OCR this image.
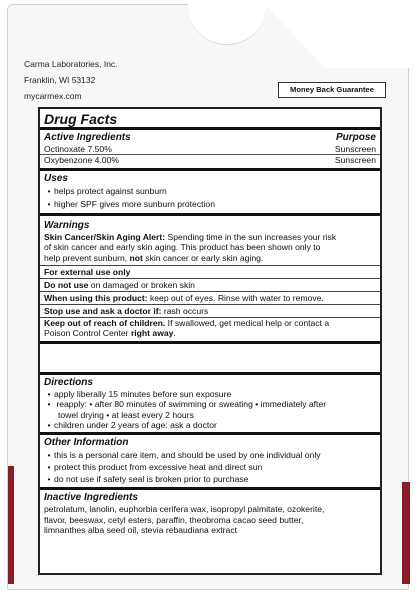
Carma Laboratories, Inc.
Franklin, WI 53132
mycarmex.com
Money Back Guarantee
Drug Facts
Active Ingredients	Purpose
Octinoxate 7.50%	Sunscreen
Oxybenzone 4.00%	Sunscreen
Uses
• helps protect against sunburn
• higher SPF gives more sunburn protection
Warnings
Skin Cancer/Skin Aging Alert: Spending time in the sun increases your risk
of skin cancer and early skin aging. This product has been shown only to
help prevent sunburn, not skin cancer or early skin aging.
For external use only
Do not use on damaged or broken skin
When using this product: keep out of eyes. Rinse with water to remove.
Stop use and ask a doctor if: rash occurs
Keep out of reach of children. If swallowed, get medical help or contact a
Poison Control Center right away.
Directions
• apply liberally 15 minutes before sun exposure
• reapply: • after 80 minutes of swimming or sweating • immediately after
towel drying • at least every 2 hours
• children under 2 years of age: ask a doctor
Other Information
• this is a personal care item, and should be used by one individual only
• protect this product from excessive heat and direct sun
• do not use if safety seal is broken prior to purchase
Inactive Ingredients
petrolatum, lanolin, euphorbia cerifera wax, isopropyl palmitate, ozokerite,
flavor, beeswax, cetyl esters, paraffin, theobroma cacao seed butter,
limnanthes alba seed oil, stevia rebaudiana extract
